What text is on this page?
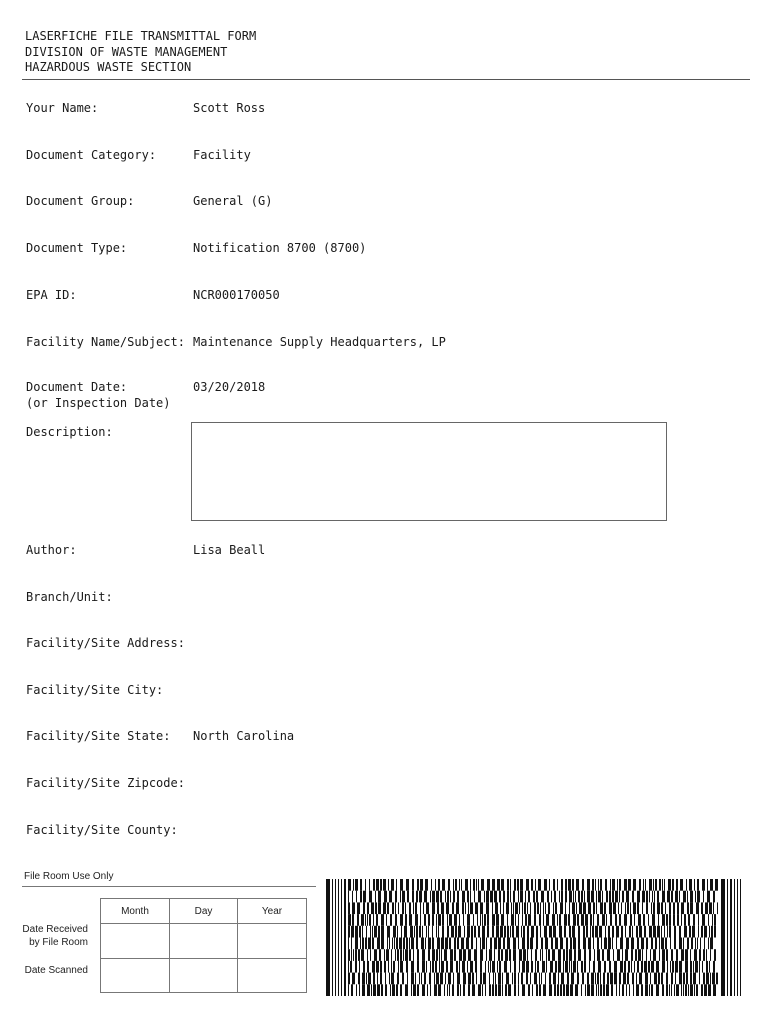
LASERFICHE FILE TRANSMITTAL FORM
DIVISION OF WASTE MANAGEMENT
HAZARDOUS WASTE SECTION
Your Name:	Scott Ross
Document Category:	Facility
Document Group:	General (G)
Document Type:	Notification 8700 (8700)
EPA ID:	NCR000170050
Facility Name/Subject: Maintenance Supply Headquarters, LP
Document Date:
(or Inspection Date)
03/20/2018
Description:
Author:	Lisa Beall
Branch/Unit:
Facility/Site Address:
Facility/Site City:
Facility/Site State: North Carolina
Facility/Site Zipcode:
Facility/Site County:
File Room Use Only
Month	Day	Year

Date Received
by File Room
Date Scanned
